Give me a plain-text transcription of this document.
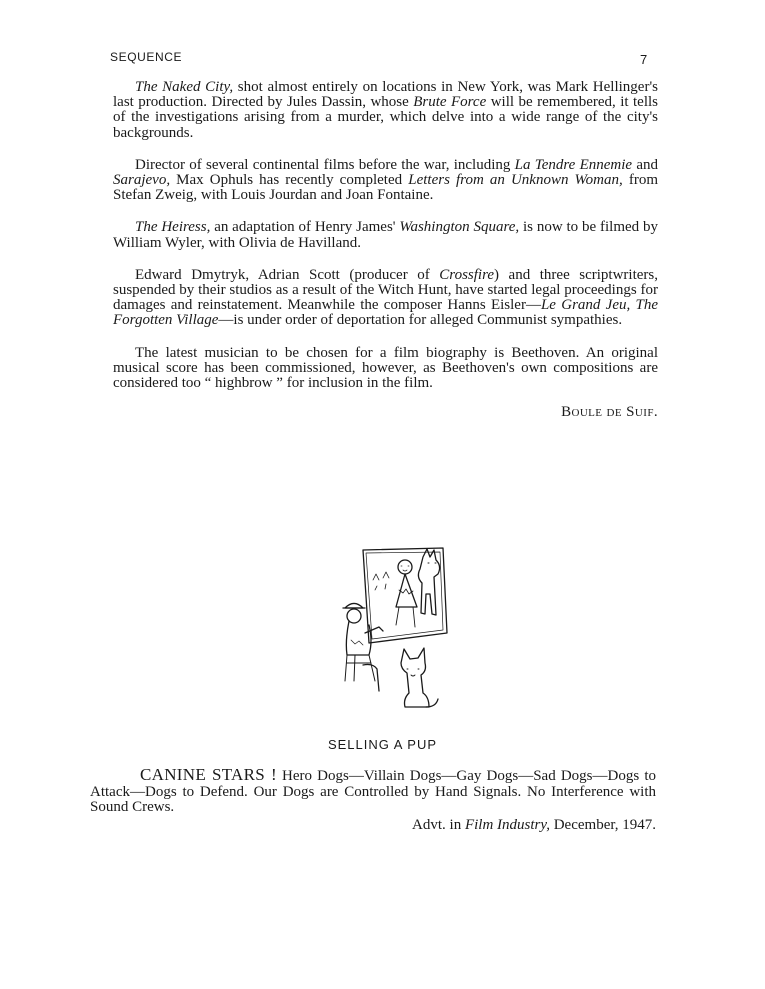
SEQUENCE	7

The Naked City, shot almost entirely on locations in New York, was Mark Hellinger's last production. Directed by Jules Dassin, whose Brute Force will be remembered, it tells of the investigations arising from a murder, which delve into a wide range of the city's backgrounds.

Director of several continental films before the war, including La Tendre Ennemie and Sarajevo, Max Ophuls has recently completed Letters from an Unknown Woman, from Stefan Zweig, with Louis Jourdan and Joan Fontaine.

The Heiress, an adaptation of Henry James' Washington Square, is now to be filmed by William Wyler, with Olivia de Havilland.

Edward Dmytryk, Adrian Scott (producer of Crossfire) and three scriptwriters, suspended by their studios as a result of the Witch Hunt, have started legal proceedings for damages and reinstatement. Meanwhile the composer Hanns Eisler—Le Grand Jeu, The Forgotten Village—is under order of deportation for alleged Communist sympathies.

The latest musician to be chosen for a film biography is Beethoven. An original musical score has been commissioned, however, as Beethoven's own compositions are considered too “ highbrow ” for inclusion in the film.

Boule de Suif.

SELLING A PUP

CANINE STARS ! Hero Dogs—Villain Dogs—Gay Dogs—Sad Dogs—Dogs to Attack—Dogs to Defend. Our Dogs are Controlled by Hand Signals. No Interference with Sound Crews.

Advt. in Film Industry, December, 1947.
